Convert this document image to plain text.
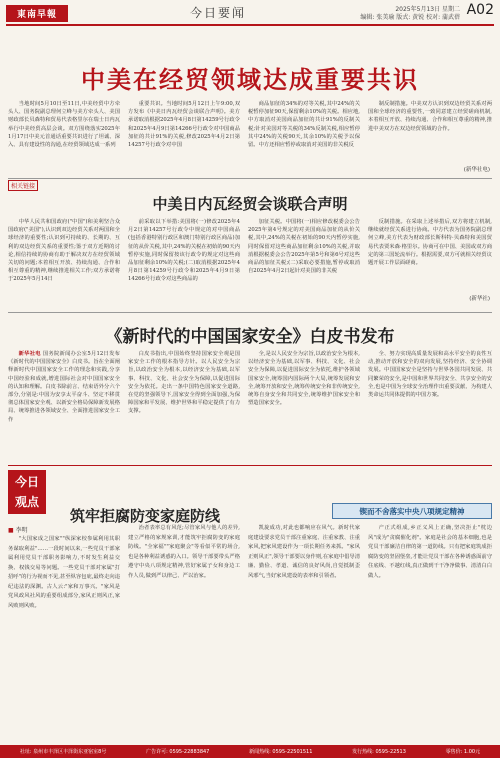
東南早報	今日要闻	2025年5月13日 星期二
编辑: 张美瑜 版式: 黄锐 校对: 蒲武蓓 A02
中美在经贸领域达成重要共识
当地时间5月10日至11日,中美经贸中方牵头人、国务院副总理何立峰与美方牵头人、美国财政部长贝森特和贸易代表格里尔在瑞士日内瓦举行中美经贸高层会谈。双方围绕落实2025年1月17日中美元首通话重要共识进行了坦诚、深入、具有建设性的沟通,在经贸领域达成一系列
重要共识。当地时间5月12日上午9:00,双方发布《中美日内瓦经贸会谈联合声明》。美方承诺取消根据2025年4月8日第14259号行政令和2025年4月9日第14266号行政令对中国商品加征的共计91%的关税,修改2025年4月2日第14257号行政令对中国
商品加征的34%的对等关税,其中24%的关税暂停加征90天,保留剩余10%的关税。相应地,中方取消对美国商品加征的共计91%的反制关税;针对美国对等关税的34%反制关税,相应暂停其中24%的关税90天,其余10%的关税予以保留。中方还相应暂停或取消对美国的非关税反
制反制措施。中美双方认识到双边经贸关系对两国和全球经济的重要性,一致同意建立经贸磋商机制,本着相互开放、持续沟通、合作和相互尊重的精神,推进中美双方在双边经贸领域的合作。
(新华社电)
中美日内瓦经贸会谈联合声明
相关链接
中华人民共和国政府("中国")和美利坚合众国政府("美国"),认识到双边经贸关系对两国和全球经济的重要性;认识到可持续的、长期的、互利的双边经贸关系的重要性;鉴于双方近期的讨论,相信持续的协商有助于解决双方在经贸领域关切的问题;本着相互开放、持续沟通、合作和相互尊重的精神,继续推进相关工作;双方承诺将于2025年5月14日
前采取以下举措:美国将(一)修改2025年4月2日第14257号行政令中规定的对中国商品(包括香港特别行政区和澳门特别行政区商品)加征的从价关税,其中,24%的关税在初始的90天内暂停实施,同时保留按该行政令的规定对这些商品加征剩余10%的关税;(二)取消根据2025年4月8日第14259号行政令和2025年4月9日第14266号行政令对这些商品的
加征关税。中国将(一)相应修改税委会公告2025年第4号规定的对美国商品加征的从价关税,其中,24%的关税在初始的90天内暂停实施,同时保留对这些商品加征剩余10%的关税,并取消根据税委会公告2025年第5号和第6号对这些商品的加征关税;(二)采取必要措施,暂停或取消自2025年4月2日起针对美国的非关税
反制措施。在采取上述举措后,双方将建立机制,继续就经贸关系进行协商。中方代表为国务院副总理何立峰,美方代表为财政部长斯科特·贝森特和美国贸易代表贾米森·格里尔。协商可在中国、美国或双方商定的第三国轮流举行。根据需要,双方可就相关经贸议题开展工作层面磋商。
(新华社)
《新时代的中国国家安全》白皮书发布
新华社电 国务院新闻办公室5月12日发布《新时代的中国国家安全》白皮书。旨在全面阐释新时代中国国家安全工作的理念和实践,分享中国经验和成就,增进国际社会对中国国家安全的认知和理解。白皮书除前言、结束语外分六个部分,分别是:中国为安享太平奋斗、坚定不移贯彻总体国家安全观、以新安全格局保障新发展格局、统筹推进各领域安全、全面推进国家安全工作
白皮书指出,中国始终坚持国家安全观是国家安全工作的根本指导方针。以人民安全为宗旨,以政治安全为根本,以经济安全为基础,以军事、科技、文化、社会安全为保障,以促进国际安全为依托。走出一条中国特色国家安全道路,在党的坚强领导下,国家安全得到全面加强,为保障国家和平发展、维护世界和平稳定提供了有力支撑。
全,是以人民安全为宗旨,以政治安全为根本,以经济安全为基础,以军事、科技、文化、社会安全为保障,以促进国际安全为依托,维护各领域国家安全,统筹国内国际两个大局,统筹发展和安全,统筹开放和安全,统筹传统安全和非传统安全,统筹自身安全和共同安全,统筹维护国家安全和塑造国家安全。
全、努力实现高质量发展和高水平安全的良性互动,推动开放和安全的双向发展,坚持经济、安全协调发展。中国国家安全是坚持与世界各国共同发展、共同繁荣的安全,是中国和世界共同安全、共享安全的安全,也是中国为全球安全治理作出重要贡献、为构建人类命运共同体提供的中国方案。
今日
观点
筑牢拒腐防变家庭防线	锲而不舍落实中央八项规定精神
■ 李明
"大国家成之国家""纵深家校参属利用其职务谋取利益"……一段时间以来,一些党员干部家属利用党员干部职务影响力,不时发生利益交换、权钱交易等问题。一些党员干部对家属"打招呼"的行为视而不见,甚至纵容包庇,最终走向违纪违法的深渊。古人云:"家和万事兴。"家风是党风政风社风的重要组成部分,家风正则风正,家风败则风败。
治者表率总有风范;尽管家风与他人的差异,建立严格的家规家训,才能筑牢拒腐防变的家庭防线。"全家福""家庭聚会"等看似平常的场合,也是各种利益诱惑的入口。领导干部要带头严格遵守中央八项规定精神,管好家属子女和身边工作人员,做到严以律己、严以治家。
凯旋成功,对此也都响应在风气。新时代家庭建设要求党员干部注重家庭、注重家教、注重家风,把家风建设作为一项长期任务来抓。"家风正则风正",领导干部要以身作则,在家庭中倡导清廉、勤俭、孝道、诚信的良好风尚,自觉抵制歪风邪气,当好家风建设的表率和引领者。
产正式组成,乡正义风上正确,坚决拒止"枕边风"成为"贪腐催化剂"。家庭是社会的基本细胞,也是党员干部廉洁自律的第一道防线。只有把家庭筑成拒腐防变的坚固堡垒,才能让党员干部在各种诱惑面前守住底线、不越红线,真正做到干干净净做事、清清白白做人。
社址: 泉州市丰泽区丰泽街东亚宿室8号	广告许可: 0595-22883847	新闻热线: 0595-22501511	发行热线: 0595-22513	零售价: 1.00元
